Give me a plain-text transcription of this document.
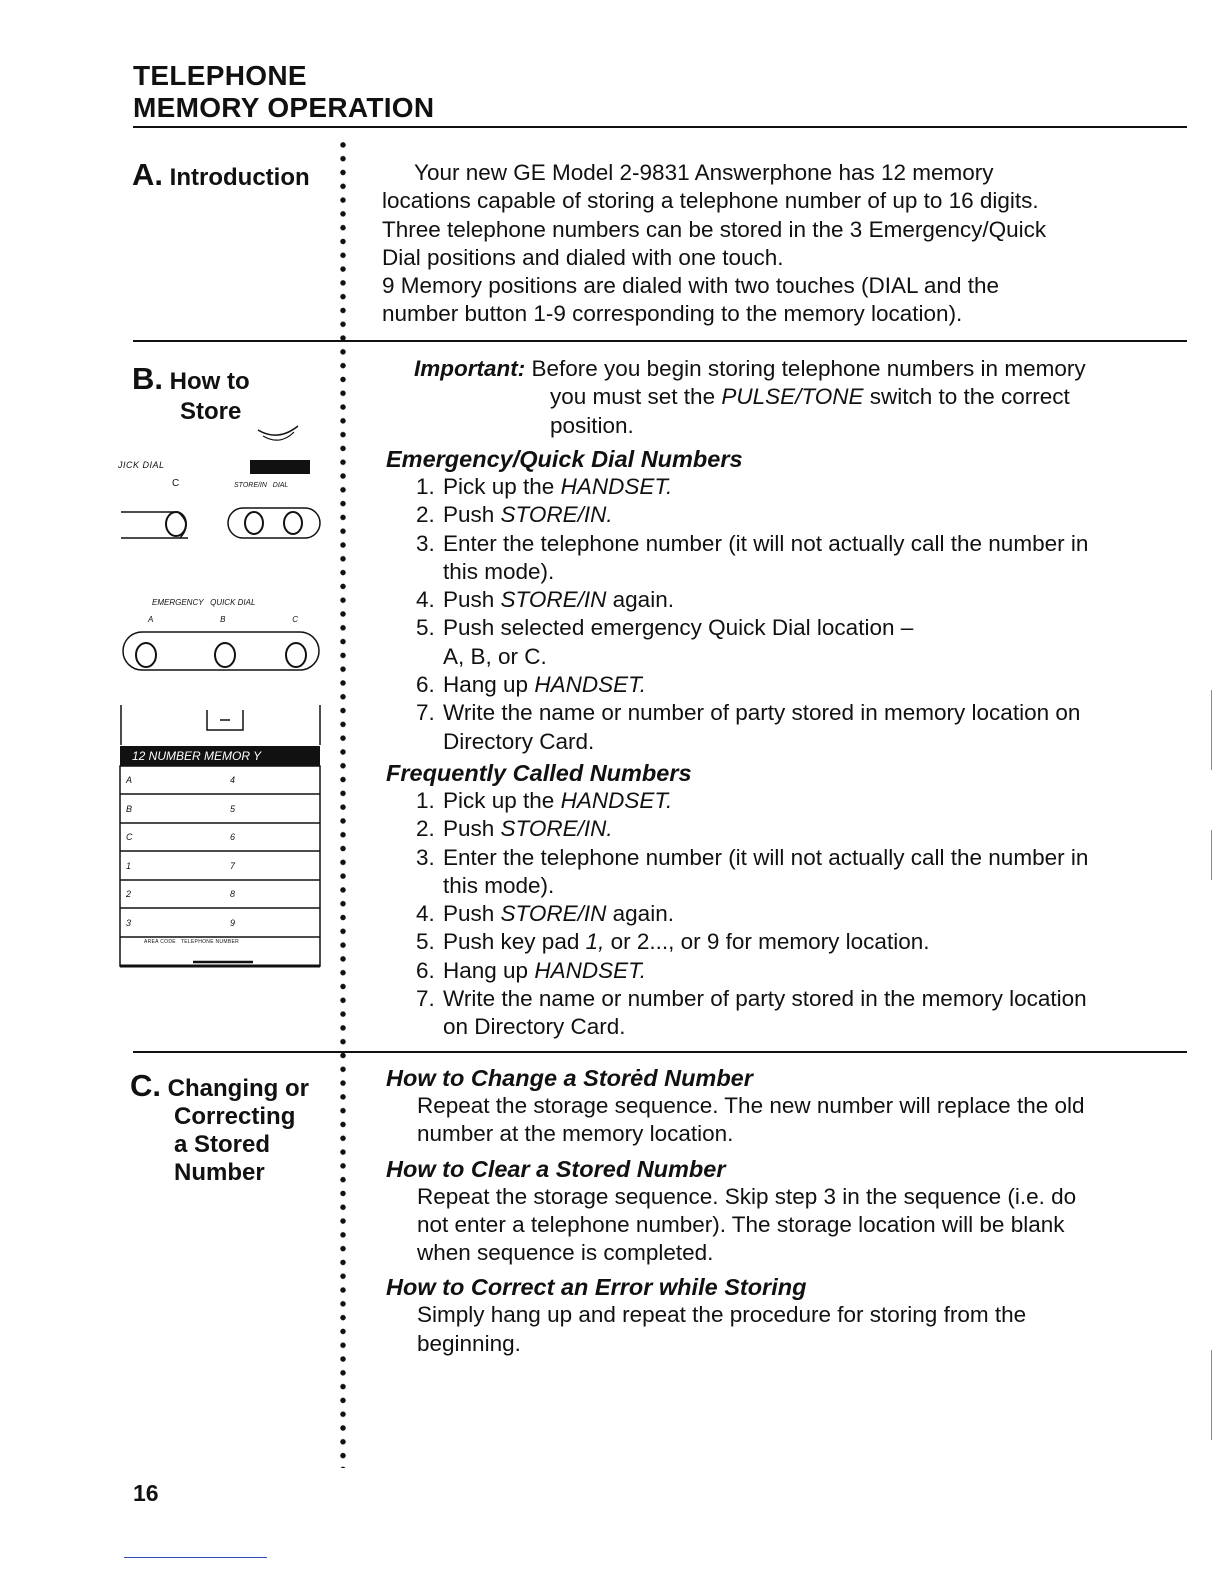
TELEPHONE
MEMORY OPERATION
A. Introduction	Your new GE Model 2-9831 Answerphone has 12 memory
locations capable of storing a telephone number of up to 16 digits.
Three telephone numbers can be stored in the 3 Emergency/Quick
Dial positions and dialed with one touch.
9 Memory positions are dialed with two touches (DIAL and the
number button 1-9 corresponding to the memory location).
B. How to
Store
JICK DIAL
C	STORE/IN   DIAL
EMERGENCY   QUICK DIAL
A	B	C
12 NUMBER MEMOR Y
A	4
B	5
C	6
1	7
2	8
3	9
AREA CODE   TELEPHONE NUMBER
Important: Before you begin storing telephone numbers in memory
you must set the PULSE/TONE switch to the correct
position.
Emergency/Quick Dial Numbers
1. Pick up the HANDSET.
2. Push STORE/IN.
3. Enter the telephone number (it will not actually call the number in
this mode).
4. Push STORE/IN again.
5. Push selected emergency Quick Dial location –
A, B, or C.
6. Hang up HANDSET.
7. Write the name or number of party stored in memory location on
Directory Card.
Frequently Called Numbers
1. Pick up the HANDSET.
2. Push STORE/IN.
3. Enter the telephone number (it will not actually call the number in
this mode).
4. Push STORE/IN again.
5. Push key pad 1, or 2..., or 9 for memory location.
6. Hang up HANDSET.
7. Write the name or number of party stored in the memory location
on Directory Card.
C. Changing or
Correcting
a Stored
Number
How to Change a Storėd Number
Repeat the storage sequence. The new number will replace the old
number at the memory location.
How to Clear a Stored Number
Repeat the storage sequence. Skip step 3 in the sequence (i.e. do
not enter a telephone number). The storage location will be blank
when sequence is completed.
How to Correct an Error while Storing
Simply hang up and repeat the procedure for storing from the
beginning.
16
